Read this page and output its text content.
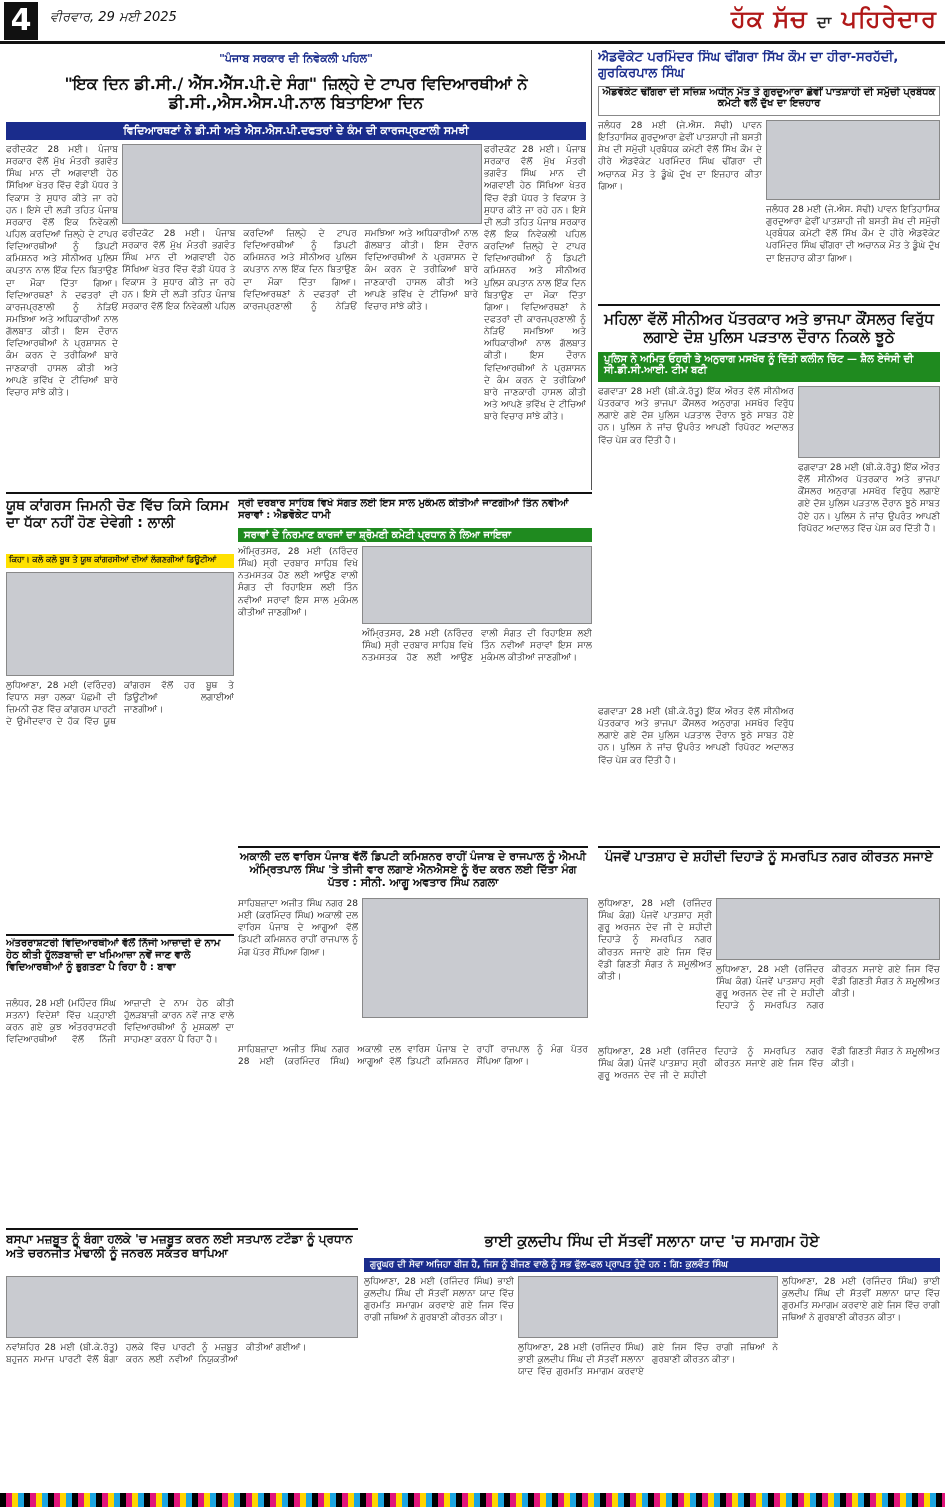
4	ਵੀਰਵਾਰ, 29 ਮਈ 2025	ਹੱਕ ਸੱਚ ਦਾ ਪਹਿਰੇਦਾਰ
"ਪੰਜਾਬ ਸਰਕਾਰ ਦੀ ਨਿਵੇਕਲੀ ਪਹਿਲ"
"ਇਕ ਦਿਨ ਡੀ.ਸੀ./ ਐੱਸ.ਐੱਸ.ਪੀ.ਦੇ ਸੰਗ" ਜ਼ਿਲ੍ਹੇ ਦੇ ਟਾਪਰ ਵਿਦਿਆਰਥੀਆਂ ਨੇ ਡੀ.ਸੀ.,ਐਸ.ਐਸ.ਪੀ.ਨਾਲ ਬਿਤਾਇਆ ਦਿਨ
ਵਿਦਿਆਰਥਣਾਂ ਨੇ ਡੀ.ਸੀ ਅਤੇ ਐਸ.ਐਸ.ਪੀ.ਦਫਤਰਾਂ ਦੇ ਕੰਮ ਦੀ ਕਾਰਜਪ੍ਰਣਾਲੀ ਸਮਝੀ
ਫਰੀਦਕੋਟ 28 ਮਈ। ਪੰਜਾਬ ਸਰਕਾਰ ਵੱਲੋਂ ਮੁੱਖ ਮੰਤਰੀ ਭਗਵੰਤ ਸਿੰਘ ਮਾਨ ਦੀ ਅਗਵਾਈ ਹੇਠ ਸਿੱਖਿਆ ਖੇਤਰ ਵਿੱਚ ਵੱਡੀ ਪੱਧਰ ਤੇ ਵਿਕਾਸ ਤੇ ਸੁਧਾਰ ਕੀਤੇ ਜਾ ਰਹੇ ਹਨ। ਇਸੇ ਦੀ ਲੜੀ ਤਹਿਤ ਪੰਜਾਬ ਸਰਕਾਰ ਵੱਲੋਂ ਇਕ ਨਿਵੇਕਲੀ ਪਹਿਲ ਕਰਦਿਆਂ ਜ਼ਿਲ੍ਹੇ ਦੇ ਟਾਪਰ ਵਿਦਿਆਰਥੀਆਂ ਨੂੰ ਡਿਪਟੀ ਕਮਿਸ਼ਨਰ ਅਤੇ ਸੀਨੀਅਰ ਪੁਲਿਸ ਕਪਤਾਨ ਨਾਲ ਇੱਕ ਦਿਨ ਬਿਤਾਉਣ ਦਾ ਮੌਕਾ ਦਿੱਤਾ ਗਿਆ। ਵਿਦਿਆਰਥਣਾਂ ਨੇ ਦਫਤਰਾਂ ਦੀ ਕਾਰਜਪ੍ਰਣਾਲੀ ਨੂੰ ਨੇੜਿਓਂ ਸਮਝਿਆ ਅਤੇ ਅਧਿਕਾਰੀਆਂ ਨਾਲ ਗੱਲਬਾਤ ਕੀਤੀ। ਇਸ ਦੌਰਾਨ ਵਿਦਿਆਰਥੀਆਂ ਨੇ ਪ੍ਰਸ਼ਾਸਨ ਦੇ ਕੰਮ ਕਰਨ ਦੇ ਤਰੀਕਿਆਂ ਬਾਰੇ ਜਾਣਕਾਰੀ ਹਾਸਲ ਕੀਤੀ ਅਤੇ ਆਪਣੇ ਭਵਿੱਖ ਦੇ ਟੀਚਿਆਂ ਬਾਰੇ ਵਿਚਾਰ ਸਾਂਝੇ ਕੀਤੇ।
ਫਰੀਦਕੋਟ 28 ਮਈ। ਪੰਜਾਬ ਸਰਕਾਰ ਵੱਲੋਂ ਮੁੱਖ ਮੰਤਰੀ ਭਗਵੰਤ ਸਿੰਘ ਮਾਨ ਦੀ ਅਗਵਾਈ ਹੇਠ ਸਿੱਖਿਆ ਖੇਤਰ ਵਿੱਚ ਵੱਡੀ ਪੱਧਰ ਤੇ ਵਿਕਾਸ ਤੇ ਸੁਧਾਰ ਕੀਤੇ ਜਾ ਰਹੇ ਹਨ। ਇਸੇ ਦੀ ਲੜੀ ਤਹਿਤ ਪੰਜਾਬ ਸਰਕਾਰ ਵੱਲੋਂ ਇਕ ਨਿਵੇਕਲੀ ਪਹਿਲ ਕਰਦਿਆਂ ਜ਼ਿਲ੍ਹੇ ਦੇ ਟਾਪਰ ਵਿਦਿਆਰਥੀਆਂ ਨੂੰ ਡਿਪਟੀ ਕਮਿਸ਼ਨਰ ਅਤੇ ਸੀਨੀਅਰ ਪੁਲਿਸ ਕਪਤਾਨ ਨਾਲ ਇੱਕ ਦਿਨ ਬਿਤਾਉਣ ਦਾ ਮੌਕਾ ਦਿੱਤਾ ਗਿਆ। ਵਿਦਿਆਰਥਣਾਂ ਨੇ ਦਫਤਰਾਂ ਦੀ ਕਾਰਜਪ੍ਰਣਾਲੀ ਨੂੰ ਨੇੜਿਓਂ ਸਮਝਿਆ ਅਤੇ ਅਧਿਕਾਰੀਆਂ ਨਾਲ ਗੱਲਬਾਤ ਕੀਤੀ। ਇਸ ਦੌਰਾਨ ਵਿਦਿਆਰਥੀਆਂ ਨੇ ਪ੍ਰਸ਼ਾਸਨ ਦੇ ਕੰਮ ਕਰਨ ਦੇ ਤਰੀਕਿਆਂ ਬਾਰੇ ਜਾਣਕਾਰੀ ਹਾਸਲ ਕੀਤੀ ਅਤੇ ਆਪਣੇ ਭਵਿੱਖ ਦੇ ਟੀਚਿਆਂ ਬਾਰੇ ਵਿਚਾਰ ਸਾਂਝੇ ਕੀਤੇ।
ਫਰੀਦਕੋਟ 28 ਮਈ। ਪੰਜਾਬ ਸਰਕਾਰ ਵੱਲੋਂ ਮੁੱਖ ਮੰਤਰੀ ਭਗਵੰਤ ਸਿੰਘ ਮਾਨ ਦੀ ਅਗਵਾਈ ਹੇਠ ਸਿੱਖਿਆ ਖੇਤਰ ਵਿੱਚ ਵੱਡੀ ਪੱਧਰ ਤੇ ਵਿਕਾਸ ਤੇ ਸੁਧਾਰ ਕੀਤੇ ਜਾ ਰਹੇ ਹਨ। ਇਸੇ ਦੀ ਲੜੀ ਤਹਿਤ ਪੰਜਾਬ ਸਰਕਾਰ ਵੱਲੋਂ ਇਕ ਨਿਵੇਕਲੀ ਪਹਿਲ ਕਰਦਿਆਂ ਜ਼ਿਲ੍ਹੇ ਦੇ ਟਾਪਰ ਵਿਦਿਆਰਥੀਆਂ ਨੂੰ ਡਿਪਟੀ ਕਮਿਸ਼ਨਰ ਅਤੇ ਸੀਨੀਅਰ ਪੁਲਿਸ ਕਪਤਾਨ ਨਾਲ ਇੱਕ ਦਿਨ ਬਿਤਾਉਣ ਦਾ ਮੌਕਾ ਦਿੱਤਾ ਗਿਆ। ਵਿਦਿਆਰਥਣਾਂ ਨੇ ਦਫਤਰਾਂ ਦੀ ਕਾਰਜਪ੍ਰਣਾਲੀ ਨੂੰ ਨੇੜਿਓਂ ਸਮਝਿਆ ਅਤੇ ਅਧਿਕਾਰੀਆਂ ਨਾਲ ਗੱਲਬਾਤ ਕੀਤੀ। ਇਸ ਦੌਰਾਨ ਵਿਦਿਆਰਥੀਆਂ ਨੇ ਪ੍ਰਸ਼ਾਸਨ ਦੇ ਕੰਮ ਕਰਨ ਦੇ ਤਰੀਕਿਆਂ ਬਾਰੇ ਜਾਣਕਾਰੀ ਹਾਸਲ ਕੀਤੀ ਅਤੇ ਆਪਣੇ ਭਵਿੱਖ ਦੇ ਟੀਚਿਆਂ ਬਾਰੇ ਵਿਚਾਰ ਸਾਂਝੇ ਕੀਤੇ।
ਐਡਵੋਕੇਟ ਪਰਮਿੰਦਰ ਸਿੰਘ ਢੀਂਗਰਾ ਸਿੱਖ ਕੌਮ ਦਾ ਹੀਰਾ-ਸਰਹੱਦੀ, ਗੁਰਕਿਰਪਾਲ ਸਿੰਘ
ਐਡਵੋਕੇਟ ਢੀਂਗਰਾ ਦੀ ਸਜ਼ਿਸ਼ ਅਧੀਨ ਮੌਤ ਤੇ ਗੁਰਦੁਆਰਾ ਛੇਵੀਂ ਪਾਤਸ਼ਾਹੀ ਦੀ ਸਮੁੱਚੀ ਪ੍ਰਬੰਧਕ ਕਮੇਟੀ ਵਲੋਂ ਦੁੱਖ ਦਾ ਇਜ਼ਹਾਰ
ਜਲੰਧਰ 28 ਮਈ (ਜੇ.ਐਸ. ਸੋਢੀ) ਪਾਵਨ ਇਤਿਹਾਸਿਕ ਗੁਰਦੁਆਰਾ ਛੇਵੀਂ ਪਾਤਸ਼ਾਹੀ ਜੀ ਬਸਤੀ ਸ਼ੇਖ ਦੀ ਸਮੁੱਚੀ ਪ੍ਰਬੰਧਕ ਕਮੇਟੀ ਵੱਲੋਂ ਸਿੱਖ ਕੌਮ ਦੇ ਹੀਰੇ ਐਡਵੋਕੇਟ ਪਰਮਿੰਦਰ ਸਿੰਘ ਢੀਂਗਰਾ ਦੀ ਅਚਾਨਕ ਮੌਤ ਤੇ ਡੂੰਘੇ ਦੁੱਖ ਦਾ ਇਜ਼ਹਾਰ ਕੀਤਾ ਗਿਆ।
ਜਲੰਧਰ 28 ਮਈ (ਜੇ.ਐਸ. ਸੋਢੀ) ਪਾਵਨ ਇਤਿਹਾਸਿਕ ਗੁਰਦੁਆਰਾ ਛੇਵੀਂ ਪਾਤਸ਼ਾਹੀ ਜੀ ਬਸਤੀ ਸ਼ੇਖ ਦੀ ਸਮੁੱਚੀ ਪ੍ਰਬੰਧਕ ਕਮੇਟੀ ਵੱਲੋਂ ਸਿੱਖ ਕੌਮ ਦੇ ਹੀਰੇ ਐਡਵੋਕੇਟ ਪਰਮਿੰਦਰ ਸਿੰਘ ਢੀਂਗਰਾ ਦੀ ਅਚਾਨਕ ਮੌਤ ਤੇ ਡੂੰਘੇ ਦੁੱਖ ਦਾ ਇਜ਼ਹਾਰ ਕੀਤਾ ਗਿਆ।
ਮਹਿਲਾ ਵੱਲੋਂ ਸੀਨੀਅਰ ਪੱਤਰਕਾਰ ਅਤੇ ਭਾਜਪਾ ਕੌਂਸਲਰ ਵਿਰੁੱਧ ਲਗਾਏ ਦੋਸ਼ ਪੁਲਿਸ ਪੜਤਾਲ ਦੌਰਾਨ ਨਿਕਲੇ ਝੂਠੇ
ਪੁਲਿਸ ਨੇ ਅਮਿਤ ਓਹਰੀ ਤੇ ਅਨੁਰਾਗ ਮਸਖੱਰ ਨੂੰ ਦਿੱਤੀ ਕਲੀਨ ਚਿੱਟ — ਸ਼ੈਲ ਏਜੰਸੀ ਦੀ ਸੀ.ਡੀ.ਸੀ.ਆਈ. ਟੀਮ ਬਣੀ
ਫਗਵਾੜਾ 28 ਮਈ (ਬੀ.ਕੇ.ਰੱਤੂ) ਇੱਕ ਔਰਤ ਵੱਲੋਂ ਸੀਨੀਅਰ ਪੱਤਰਕਾਰ ਅਤੇ ਭਾਜਪਾ ਕੌਂਸਲਰ ਅਨੁਰਾਗ ਮਸਖੱਰ ਵਿਰੁੱਧ ਲਗਾਏ ਗਏ ਦੋਸ਼ ਪੁਲਿਸ ਪੜਤਾਲ ਦੌਰਾਨ ਝੂਠੇ ਸਾਬਤ ਹੋਏ ਹਨ। ਪੁਲਿਸ ਨੇ ਜਾਂਚ ਉਪਰੰਤ ਆਪਣੀ ਰਿਪੋਰਟ ਅਦਾਲਤ ਵਿੱਚ ਪੇਸ਼ ਕਰ ਦਿੱਤੀ ਹੈ।
ਫਗਵਾੜਾ 28 ਮਈ (ਬੀ.ਕੇ.ਰੱਤੂ) ਇੱਕ ਔਰਤ ਵੱਲੋਂ ਸੀਨੀਅਰ ਪੱਤਰਕਾਰ ਅਤੇ ਭਾਜਪਾ ਕੌਂਸਲਰ ਅਨੁਰਾਗ ਮਸਖੱਰ ਵਿਰੁੱਧ ਲਗਾਏ ਗਏ ਦੋਸ਼ ਪੁਲਿਸ ਪੜਤਾਲ ਦੌਰਾਨ ਝੂਠੇ ਸਾਬਤ ਹੋਏ ਹਨ। ਪੁਲਿਸ ਨੇ ਜਾਂਚ ਉਪਰੰਤ ਆਪਣੀ ਰਿਪੋਰਟ ਅਦਾਲਤ ਵਿੱਚ ਪੇਸ਼ ਕਰ ਦਿੱਤੀ ਹੈ।
ਫਗਵਾੜਾ 28 ਮਈ (ਬੀ.ਕੇ.ਰੱਤੂ) ਇੱਕ ਔਰਤ ਵੱਲੋਂ ਸੀਨੀਅਰ ਪੱਤਰਕਾਰ ਅਤੇ ਭਾਜਪਾ ਕੌਂਸਲਰ ਅਨੁਰਾਗ ਮਸਖੱਰ ਵਿਰੁੱਧ ਲਗਾਏ ਗਏ ਦੋਸ਼ ਪੁਲਿਸ ਪੜਤਾਲ ਦੌਰਾਨ ਝੂਠੇ ਸਾਬਤ ਹੋਏ ਹਨ। ਪੁਲਿਸ ਨੇ ਜਾਂਚ ਉਪਰੰਤ ਆਪਣੀ ਰਿਪੋਰਟ ਅਦਾਲਤ ਵਿੱਚ ਪੇਸ਼ ਕਰ ਦਿੱਤੀ ਹੈ।
ਯੂਥ ਕਾਂਗਰਸ ਜਿਮਨੀ ਚੋਣ ਵਿੱਚ ਕਿਸੇ ਕਿਸਮ ਦਾ ਧੱਕਾ ਨਹੀਂ ਹੋਣ ਦੇਵੇਗੀ : ਲਾਲੀ
ਕਿਹਾ। ਕਲੋ ਕਲੋ ਬੂਥ ਤੇ ਯੂਥ ਕਾਂਗਰਸੀਆਂ ਦੀਆਂ ਲੱਗਣਗੀਆਂ ਡਿਊਟੀਆਂ
ਲੁਧਿਆਣਾ, 28 ਮਈ (ਵਰਿੰਦਰ) ਵਿਧਾਨ ਸਭਾ ਹਲਕਾ ਪੱਛਮੀ ਦੀ ਜ਼ਿਮਨੀ ਚੋਣ ਵਿੱਚ ਕਾਂਗਰਸ ਪਾਰਟੀ ਦੇ ਉਮੀਦਵਾਰ ਦੇ ਹੱਕ ਵਿੱਚ ਯੂਥ ਕਾਂਗਰਸ ਵੱਲੋਂ ਹਰ ਬੂਥ ਤੇ ਡਿਊਟੀਆਂ ਲਗਾਈਆਂ ਜਾਣਗੀਆਂ।
ਸ੍ਰੀ ਦਰਬਾਰ ਸਾਹਿਬ ਵਿਖੇ ਸੰਗਤ ਲਈ ਇਸ ਸਾਲ ਮੁਕੰਮਲ ਕੀਤੀਆਂ ਜਾਣਗੀਆਂ ਤਿੰਨ ਨਵੀਆਂ ਸਰਾਵਾਂ : ਐਡਵੋਕੇਟ ਧਾਮੀ
ਸਰਾਵਾਂ ਦੇ ਨਿਰਮਾਣ ਕਾਰਜਾਂ ਦਾ ਸ਼੍ਰੋਮਣੀ ਕਮੇਟੀ ਪ੍ਰਧਾਨ ਨੇ ਲਿਆ ਜਾਇਜ਼ਾ
ਅੰਮ੍ਰਿਤਸਰ, 28 ਮਈ (ਨਰਿੰਦਰ ਸਿੰਘ) ਸ੍ਰੀ ਦਰਬਾਰ ਸਾਹਿਬ ਵਿਖੇ ਨਤਮਸਤਕ ਹੋਣ ਲਈ ਆਉਣ ਵਾਲੀ ਸੰਗਤ ਦੀ ਰਿਹਾਇਸ਼ ਲਈ ਤਿੰਨ ਨਵੀਆਂ ਸਰਾਵਾਂ ਇਸ ਸਾਲ ਮੁਕੰਮਲ ਕੀਤੀਆਂ ਜਾਣਗੀਆਂ।
ਅੰਮ੍ਰਿਤਸਰ, 28 ਮਈ (ਨਰਿੰਦਰ ਸਿੰਘ) ਸ੍ਰੀ ਦਰਬਾਰ ਸਾਹਿਬ ਵਿਖੇ ਨਤਮਸਤਕ ਹੋਣ ਲਈ ਆਉਣ ਵਾਲੀ ਸੰਗਤ ਦੀ ਰਿਹਾਇਸ਼ ਲਈ ਤਿੰਨ ਨਵੀਆਂ ਸਰਾਵਾਂ ਇਸ ਸਾਲ ਮੁਕੰਮਲ ਕੀਤੀਆਂ ਜਾਣਗੀਆਂ।
ਅਕਾਲੀ ਦਲ ਵਾਰਿਸ ਪੰਜਾਬ ਵੱਲੋਂ ਡਿਪਟੀ ਕਮਿਸ਼ਨਰ ਰਾਹੀਂ ਪੰਜਾਬ ਦੇ ਰਾਜਪਾਲ ਨੂੰ ਐਮਪੀ ਅੰਮ੍ਰਿਤਪਾਲ ਸਿੰਘ 'ਤੇ ਤੀਜੀ ਵਾਰ ਲਗਾਏ ਐਨਐਸਏ ਨੂੰ ਰੱਦ ਕਰਨ ਲਈ ਦਿੱਤਾ ਮੰਗ ਪੱਤਰ : ਸੀਨੀ. ਆਗੂ ਅਵਤਾਰ ਸਿੰਘ ਨਗਲਾ
ਸਾਹਿਬਜ਼ਾਦਾ ਅਜੀਤ ਸਿੰਘ ਨਗਰ 28 ਮਈ (ਕਰਮਿੰਦਰ ਸਿੰਘ) ਅਕਾਲੀ ਦਲ ਵਾਰਿਸ ਪੰਜਾਬ ਦੇ ਆਗੂਆਂ ਵੱਲੋਂ ਡਿਪਟੀ ਕਮਿਸ਼ਨਰ ਰਾਹੀਂ ਰਾਜਪਾਲ ਨੂੰ ਮੰਗ ਪੱਤਰ ਸੌਂਪਿਆ ਗਿਆ।
ਸਾਹਿਬਜ਼ਾਦਾ ਅਜੀਤ ਸਿੰਘ ਨਗਰ 28 ਮਈ (ਕਰਮਿੰਦਰ ਸਿੰਘ) ਅਕਾਲੀ ਦਲ ਵਾਰਿਸ ਪੰਜਾਬ ਦੇ ਆਗੂਆਂ ਵੱਲੋਂ ਡਿਪਟੀ ਕਮਿਸ਼ਨਰ ਰਾਹੀਂ ਰਾਜਪਾਲ ਨੂੰ ਮੰਗ ਪੱਤਰ ਸੌਂਪਿਆ ਗਿਆ।
ਪੰਜਵੇਂ ਪਾਤਸ਼ਾਹ ਦੇ ਸ਼ਹੀਦੀ ਦਿਹਾੜੇ ਨੂੰ ਸਮਰਪਿਤ ਨਗਰ ਕੀਰਤਨ ਸਜਾਏ
ਲੁਧਿਆਣਾ, 28 ਮਈ (ਰਜਿੰਦਰ ਸਿੰਘ ਕੰਗ) ਪੰਜਵੇਂ ਪਾਤਸ਼ਾਹ ਸ੍ਰੀ ਗੁਰੂ ਅਰਜਨ ਦੇਵ ਜੀ ਦੇ ਸ਼ਹੀਦੀ ਦਿਹਾੜੇ ਨੂੰ ਸਮਰਪਿਤ ਨਗਰ ਕੀਰਤਨ ਸਜਾਏ ਗਏ ਜਿਸ ਵਿੱਚ ਵੱਡੀ ਗਿਣਤੀ ਸੰਗਤ ਨੇ ਸ਼ਮੂਲੀਅਤ ਕੀਤੀ।
ਲੁਧਿਆਣਾ, 28 ਮਈ (ਰਜਿੰਦਰ ਸਿੰਘ ਕੰਗ) ਪੰਜਵੇਂ ਪਾਤਸ਼ਾਹ ਸ੍ਰੀ ਗੁਰੂ ਅਰਜਨ ਦੇਵ ਜੀ ਦੇ ਸ਼ਹੀਦੀ ਦਿਹਾੜੇ ਨੂੰ ਸਮਰਪਿਤ ਨਗਰ ਕੀਰਤਨ ਸਜਾਏ ਗਏ ਜਿਸ ਵਿੱਚ ਵੱਡੀ ਗਿਣਤੀ ਸੰਗਤ ਨੇ ਸ਼ਮੂਲੀਅਤ ਕੀਤੀ।
ਲੁਧਿਆਣਾ, 28 ਮਈ (ਰਜਿੰਦਰ ਸਿੰਘ ਕੰਗ) ਪੰਜਵੇਂ ਪਾਤਸ਼ਾਹ ਸ੍ਰੀ ਗੁਰੂ ਅਰਜਨ ਦੇਵ ਜੀ ਦੇ ਸ਼ਹੀਦੀ ਦਿਹਾੜੇ ਨੂੰ ਸਮਰਪਿਤ ਨਗਰ ਕੀਰਤਨ ਸਜਾਏ ਗਏ ਜਿਸ ਵਿੱਚ ਵੱਡੀ ਗਿਣਤੀ ਸੰਗਤ ਨੇ ਸ਼ਮੂਲੀਅਤ ਕੀਤੀ।
ਅੰਤਰਰਾਸ਼ਟਰੀ ਵਿਦਿਆਰਥੀਆਂ ਵੱਲੋਂ ਨਿੱਜੀ ਆਜ਼ਾਦੀ ਦੇ ਨਾਮ ਹੇਠ ਕੀਤੀ ਹੁੱਲੜਬਾਜ਼ੀ ਦਾ ਖਮਿਆਜ਼ਾ ਨਵੇਂ ਜਾਣ ਵਾਲੇ ਵਿਦਿਆਰਥੀਆਂ ਨੂੰ ਭੁਗਤਣਾ ਪੈ ਰਿਹਾ ਹੈ : ਬਾਵਾ
ਜਲੰਧਰ, 28 ਮਈ (ਮਹਿੰਦਰ ਸਿੰਘ ਸਤਨਾ) ਵਿਦੇਸ਼ਾਂ ਵਿੱਚ ਪੜ੍ਹਾਈ ਕਰਨ ਗਏ ਕੁਝ ਅੰਤਰਰਾਸ਼ਟਰੀ ਵਿਦਿਆਰਥੀਆਂ ਵੱਲੋਂ ਨਿੱਜੀ ਆਜ਼ਾਦੀ ਦੇ ਨਾਮ ਹੇਠ ਕੀਤੀ ਹੁੱਲੜਬਾਜ਼ੀ ਕਾਰਨ ਨਵੇਂ ਜਾਣ ਵਾਲੇ ਵਿਦਿਆਰਥੀਆਂ ਨੂੰ ਮੁਸ਼ਕਲਾਂ ਦਾ ਸਾਹਮਣਾ ਕਰਨਾ ਪੈ ਰਿਹਾ ਹੈ।
ਬਸਪਾ ਮਜ਼ਬੂਤ ਨੂੰ ਬੰਗਾ ਹਲਕੇ 'ਚ ਮਜ਼ਬੂਤ ਕਰਨ ਲਈ ਸਤਪਾਲ ਟਟੌਡਾ ਨੂੰ ਪ੍ਰਧਾਨ ਅਤੇ ਚਰਨਜੀਤ ਮੰਢਾਲੀ ਨੂੰ ਜਨਰਲ ਸਕੱਤਰ ਥਾਪਿਆ
ਨਵਾਂਸ਼ਹਿਰ 28 ਮਈ (ਬੀ.ਕੇ.ਰੱਤੂ) ਬਹੁਜਨ ਸਮਾਜ ਪਾਰਟੀ ਵੱਲੋਂ ਬੰਗਾ ਹਲਕੇ ਵਿੱਚ ਪਾਰਟੀ ਨੂੰ ਮਜ਼ਬੂਤ ਕਰਨ ਲਈ ਨਵੀਆਂ ਨਿਯੁਕਤੀਆਂ ਕੀਤੀਆਂ ਗਈਆਂ।
ਭਾਈ ਕੁਲਦੀਪ ਸਿੰਘ ਦੀ ਸੱਤਵੀਂ ਸਲਾਨਾ ਯਾਦ 'ਚ ਸਮਾਗਮ ਹੋਏ
ਗੁਰੂਘਰ ਦੀ ਸੇਵਾ ਅਜਿਹਾ ਬੀਜ ਹੈ, ਜਿਸ ਨੂੰ ਬੀਜਣ ਵਾਲੇ ਨੂੰ ਸਭ ਫੁੱਲ-ਫਲ ਪ੍ਰਾਪਤ ਹੁੰਦੇ ਹਨ : ਗਿ: ਕੁਲਵੰਤ ਸਿੰਘ
ਲੁਧਿਆਣਾ, 28 ਮਈ (ਰਜਿੰਦਰ ਸਿੰਘ) ਭਾਈ ਕੁਲਦੀਪ ਸਿੰਘ ਦੀ ਸੱਤਵੀਂ ਸਲਾਨਾ ਯਾਦ ਵਿੱਚ ਗੁਰਮਤਿ ਸਮਾਗਮ ਕਰਵਾਏ ਗਏ ਜਿਸ ਵਿੱਚ ਰਾਗੀ ਜਥਿਆਂ ਨੇ ਗੁਰਬਾਣੀ ਕੀਰਤਨ ਕੀਤਾ।
ਲੁਧਿਆਣਾ, 28 ਮਈ (ਰਜਿੰਦਰ ਸਿੰਘ) ਭਾਈ ਕੁਲਦੀਪ ਸਿੰਘ ਦੀ ਸੱਤਵੀਂ ਸਲਾਨਾ ਯਾਦ ਵਿੱਚ ਗੁਰਮਤਿ ਸਮਾਗਮ ਕਰਵਾਏ ਗਏ ਜਿਸ ਵਿੱਚ ਰਾਗੀ ਜਥਿਆਂ ਨੇ ਗੁਰਬਾਣੀ ਕੀਰਤਨ ਕੀਤਾ।
ਲੁਧਿਆਣਾ, 28 ਮਈ (ਰਜਿੰਦਰ ਸਿੰਘ) ਭਾਈ ਕੁਲਦੀਪ ਸਿੰਘ ਦੀ ਸੱਤਵੀਂ ਸਲਾਨਾ ਯਾਦ ਵਿੱਚ ਗੁਰਮਤਿ ਸਮਾਗਮ ਕਰਵਾਏ ਗਏ ਜਿਸ ਵਿੱਚ ਰਾਗੀ ਜਥਿਆਂ ਨੇ ਗੁਰਬਾਣੀ ਕੀਰਤਨ ਕੀਤਾ।
